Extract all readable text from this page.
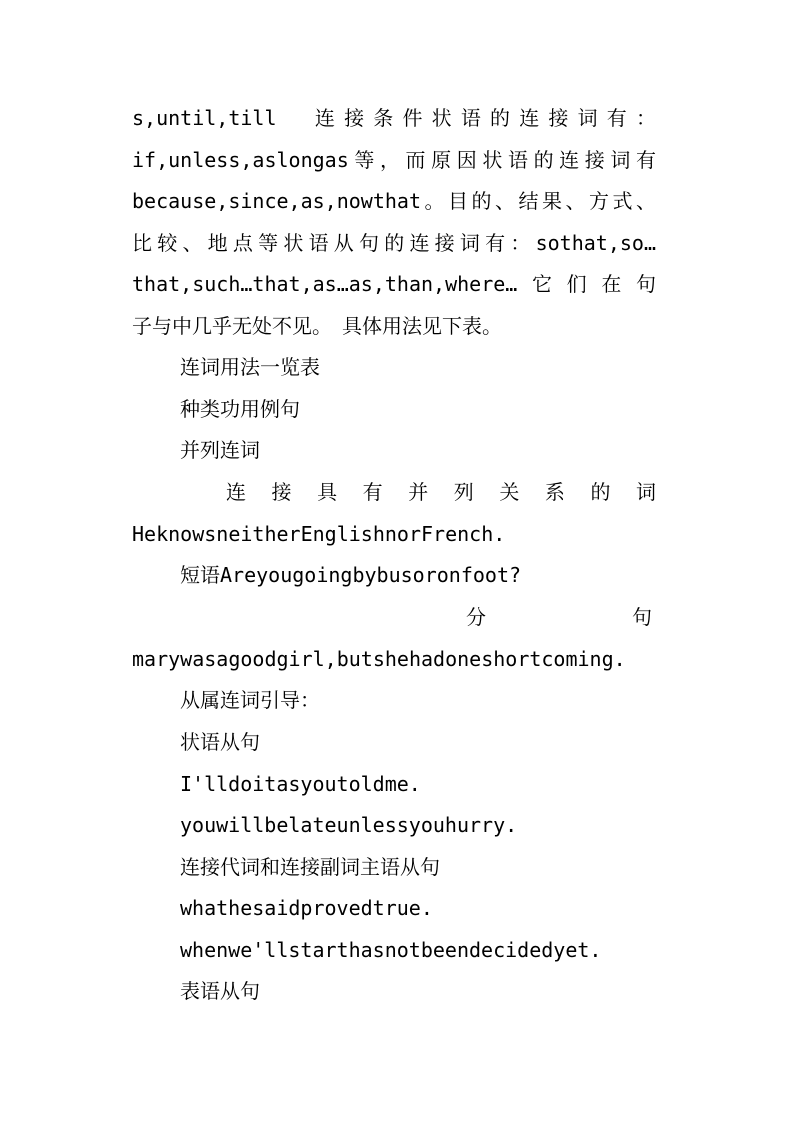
s,until,till　连接条件状语的连接词有：
if,unless,aslongas等，而原因状语的连接词有
because,since,as,nowthat。目的、结果、方式、
比较、地点等状语从句的连接词有：sothat,so…
that,such…that,as…as,than,where…它们在句
子与中几乎无处不见。　具体用法见下表。
连词用法一览表
种类功用例句
并列连词
连 接 具 有 并 列 关 系 的 词
HeknowsneitherEnglishnorFrench.
短语Areyougoingbybusoronfoot?
分	句
marywasagoodgirl,butshehadoneshortcoming.
从属连词引导：
状语从句
I'lldoitasyoutoldme.
youwillbelateunlessyouhurry.
连接代词和连接副词主语从句
whathesaidprovedtrue.
whenwe'llstarthasnotbeendecidedyet.
表语从句
